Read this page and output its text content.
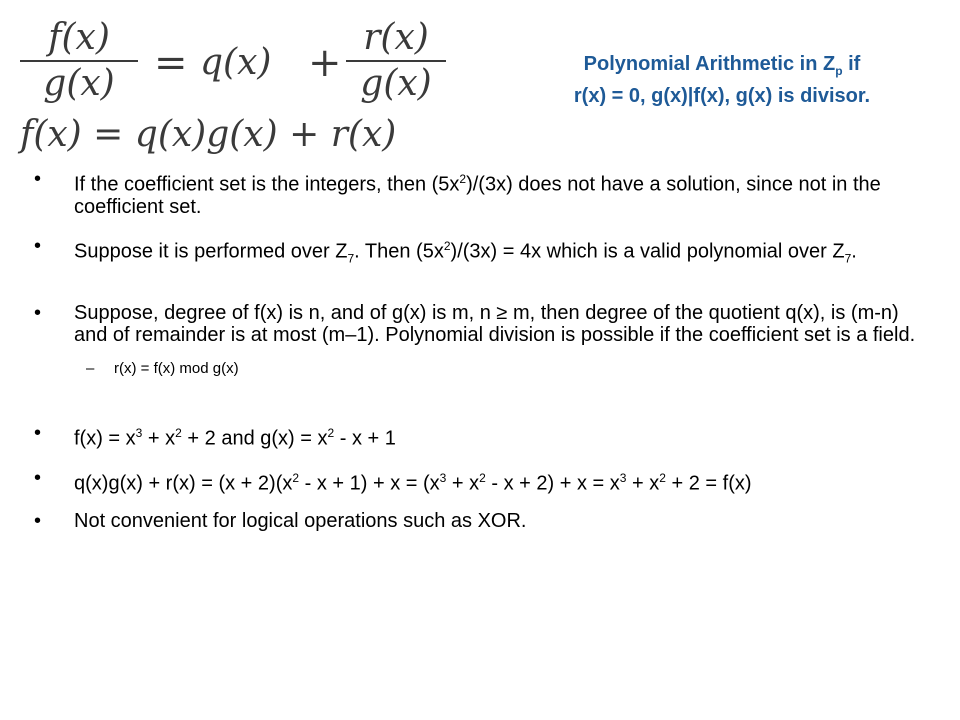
f(x)
g(x) = q(x) +
r(x)
g(x)
f(x) = q(x)g(x) + r(x)
Polynomial Arithmetic in $Z_p$ if
r(x) = 0, g(x)|f(x), g(x) is divisor.
• If the coefficient set is the integers, then $(5x^2)/(3x)$ does not have a solution, since not in the coefficient set.
• Suppose it is performed over $Z_7$. Then $(5x^2)/(3x) = 4x$ which is a valid polynomial over $Z_7$.
• Suppose, degree of f(x) is n, and of g(x) is m, n ≥ m, then degree of the quotient q(x), is (m-n) and of remainder is at most (m–1). Polynomial division is possible if the coefficient set is a field.
– r(x) = f(x) mod g(x)
• $f(x) = x^3 + x^2 + 2$ and $g(x) = x^2 - x + 1$
• $q(x)g(x) + r(x) = (x + 2)(x^2 - x + 1) + x = (x^3 + x^2 - x + 2) + x = x^3 + x^2 + 2 = f(x)$
• Not convenient for logical operations such as XOR.
